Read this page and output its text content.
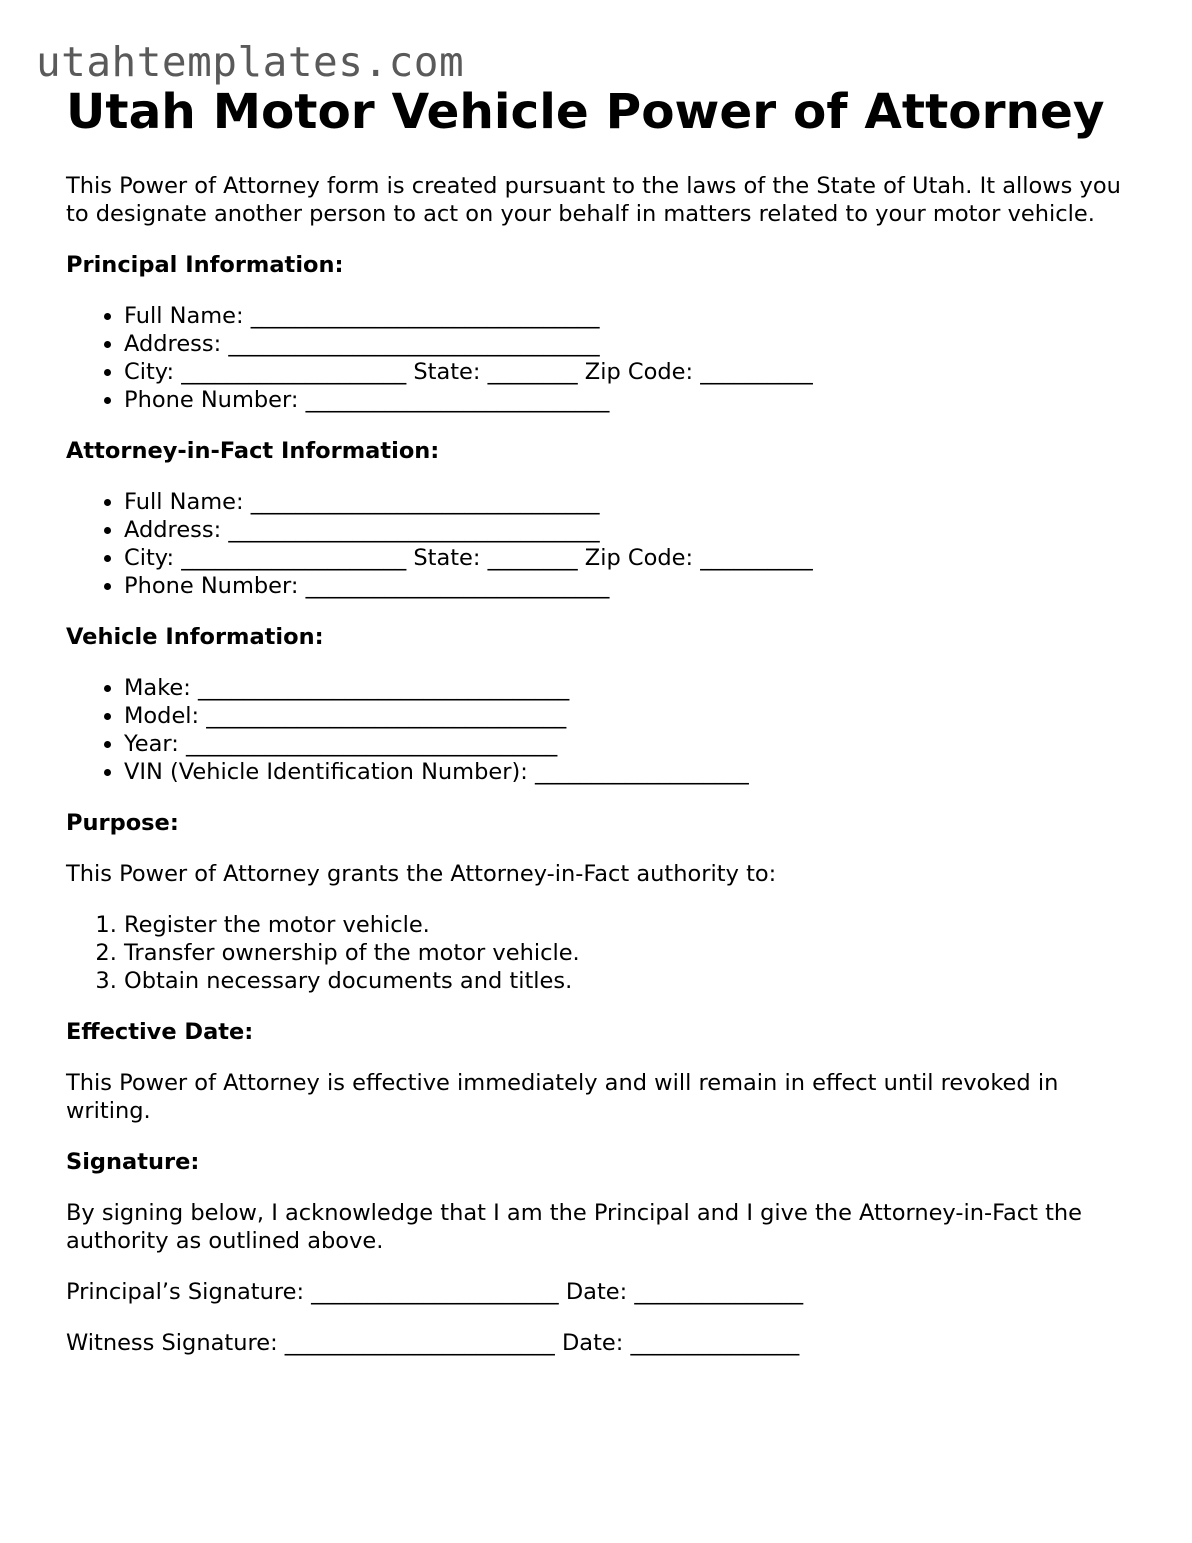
utahtemplates.com
Utah Motor Vehicle Power of Attorney

This Power of Attorney form is created pursuant to the laws of the State of Utah. It allows you to designate another person to act on your behalf in matters related to your motor vehicle.

Principal Information:
• Full Name: _______________________________
• Address: _________________________________
• City: ____________________ State: ________ Zip Code: __________
• Phone Number: ___________________________
Attorney-in-Fact Information:
• Full Name: _______________________________
• Address: _________________________________
• City: ____________________ State: ________ Zip Code: __________
• Phone Number: ___________________________
Vehicle Information:
• Make: _________________________________
• Model: ________________________________
• Year: _________________________________
• VIN (Vehicle Identification Number): ___________________
Purpose:

This Power of Attorney grants the Attorney-in-Fact authority to:

1. Register the motor vehicle.
2. Transfer ownership of the motor vehicle.
3. Obtain necessary documents and titles.
Effective Date:

This Power of Attorney is effective immediately and will remain in effect until revoked in writing.

Signature:

By signing below, I acknowledge that I am the Principal and I give the Attorney-in-Fact the authority as outlined above.

Principal’s Signature: ______________________ Date: _______________

Witness Signature: ________________________ Date: _______________
